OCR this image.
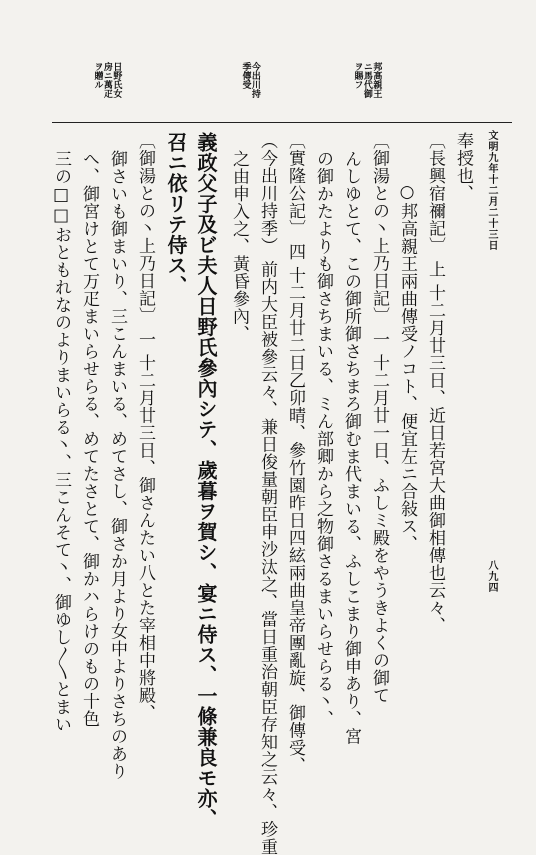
邦高親王
ニ馬代御
ヲ賜フ
今出川持
季傳受
日野氏女
房ニ萬疋
ヲ贈ル
文明九年十二月二十三日
八九四
奉授也、
〔長興宿禰記〕 上 十二月廿三日、近日若宮大曲御相傳也云々、
○邦高親王兩曲傳受ノコト、便宜左ニ合敍ス、
〔御湯との丶上乃日記〕 一 十二月廿一日、ふしミ殿をやうきよくの御て
んしゆとて、この御所御さちまろ御むま代まいる、ふしこまり御申あり、宮
の御かたよりも御さちまいる、ミん部卿から之物御さるまいらせらる丶、
〔實隆公記〕 四 十二月廿二日乙卯晴、參竹園昨日四絃兩曲皇帝團亂旋、御傳受、
（今出川持季） 前内大臣被參云々、兼日俊量朝臣申沙汰之、當日重治朝臣存知之云々、珍重
之由申入之、黃昏參內、
義政父子及ビ夫人日野氏參內シテ、歲暮ヲ賀シ、宴ニ侍ス、一條兼良モ亦、
召ニ依リテ侍ス、
〔御湯との丶上乃日記〕 一 十二月廿三日、御さんたい八とた宰相中將殿、
御さいも御まいり、三こんまいる、めてさし、御さか月より女中よりさちのあり
へ、御宮けとて万疋まいらせらる、めてたさとて、御かハらけのもの十色
三の□□おともれなのよりまいらる丶、三こんそて丶、御ゆし〳〵とまい
